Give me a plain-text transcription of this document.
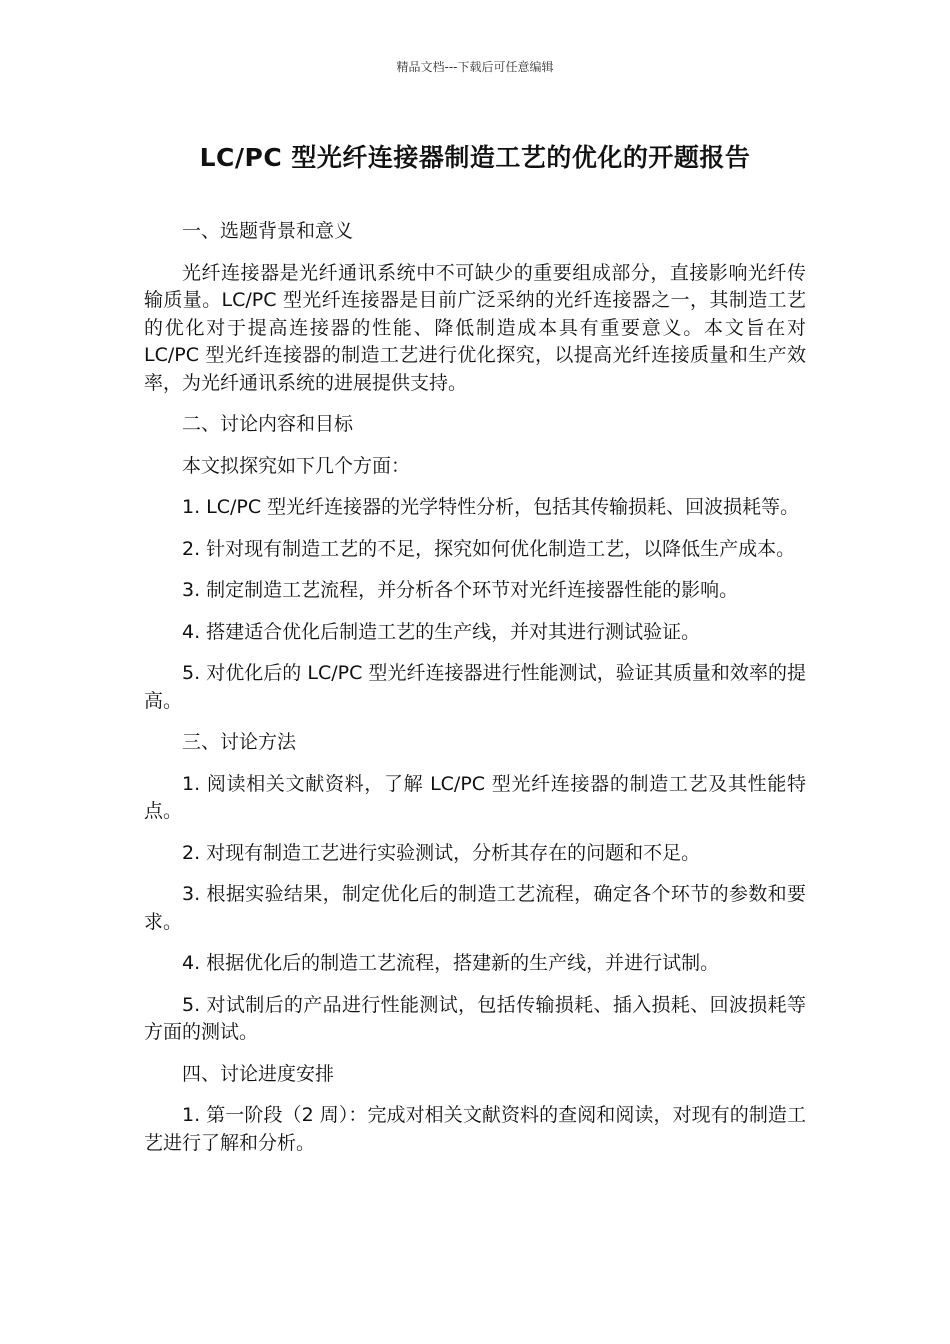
精品文档---下载后可任意编辑
LC/PC 型光纤连接器制造工艺的优化的开题报告

一、选题背景和意义

光纤连接器是光纤通讯系统中不可缺少的重要组成部分，直接影响光纤传输质量。LC/PC 型光纤连接器是目前广泛采纳的光纤连接器之一，其制造工艺的优化对于提高连接器的性能、降低制造成本具有重要意义。本文旨在对 LC/PC 型光纤连接器的制造工艺进行优化探究，以提高光纤连接质量和生产效率，为光纤通讯系统的进展提供支持。

二、讨论内容和目标

本文拟探究如下几个方面：

1. LC/PC 型光纤连接器的光学特性分析，包括其传输损耗、回波损耗等。

2. 针对现有制造工艺的不足，探究如何优化制造工艺，以降低生产成本。

3. 制定制造工艺流程，并分析各个环节对光纤连接器性能的影响。

4. 搭建适合优化后制造工艺的生产线，并对其进行测试验证。

5. 对优化后的 LC/PC 型光纤连接器进行性能测试，验证其质量和效率的提高。

三、讨论方法

1. 阅读相关文献资料，了解 LC/PC 型光纤连接器的制造工艺及其性能特点。

2. 对现有制造工艺进行实验测试，分析其存在的问题和不足。

3. 根据实验结果，制定优化后的制造工艺流程，确定各个环节的参数和要求。

4. 根据优化后的制造工艺流程，搭建新的生产线，并进行试制。

5. 对试制后的产品进行性能测试，包括传输损耗、插入损耗、回波损耗等方面的测试。

四、讨论进度安排

1. 第一阶段（2 周）：完成对相关文献资料的查阅和阅读，对现有的制造工艺进行了解和分析。
